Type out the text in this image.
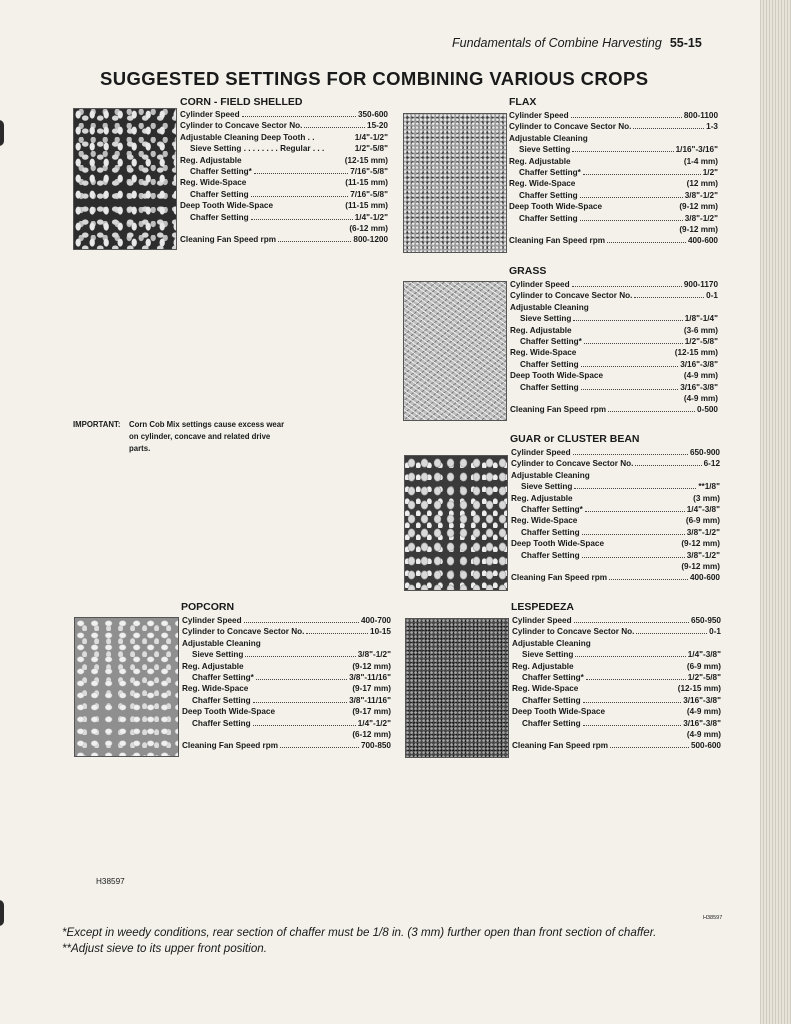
Fundamentals of Combine Harvesting 55-15
SUGGESTED SETTINGS FOR COMBINING VARIOUS CROPS
CORN - FIELD SHELLED
Cylinder Speed	350-600
Cylinder to Concave Sector No.	15-20
Adjustable Cleaning Deep Tooth . .	1/4"-1/2"
Sieve Setting . . . . . . . . Regular . . .	1/2"-5/8"
Reg. Adjustable	(12-15 mm)
Chaffer Setting*	7/16"-5/8"
Reg. Wide-Space	(11-15 mm)
Chaffer Setting	7/16"-5/8"
Deep Tooth Wide-Space	(11-15 mm)
Chaffer Setting	1/4"-1/2"
(6-12 mm)
Cleaning Fan Speed rpm	800-1200
FLAX
Cylinder Speed	800-1100
Cylinder to Concave Sector No.	1-3
Adjustable Cleaning
Sieve Setting	1/16"-3/16"
Reg. Adjustable	(1-4 mm)
Chaffer Setting*	1/2"
Reg. Wide-Space	(12 mm)
Chaffer Setting	3/8"-1/2"
Deep Tooth Wide-Space	(9-12 mm)
Chaffer Setting	3/8"-1/2"
(9-12 mm)
Cleaning Fan Speed rpm	400-600
GRASS
Cylinder Speed	900-1170
Cylinder to Concave Sector No.	0-1
Adjustable Cleaning
Sieve Setting	1/8"-1/4"
Reg. Adjustable	(3-6 mm)
Chaffer Setting*	1/2"-5/8"
Reg. Wide-Space	(12-15 mm)
Chaffer Setting	3/16"-3/8"
Deep Tooth Wide-Space	(4-9 mm)
Chaffer Setting	3/16"-3/8"
(4-9 mm)
Cleaning Fan Speed rpm	0-500
GUAR or CLUSTER BEAN
Cylinder Speed	650-900
Cylinder to Concave Sector No.	6-12
Adjustable Cleaning
Sieve Setting	**1/8"
Reg. Adjustable	(3 mm)
Chaffer Setting*	1/4"-3/8"
Reg. Wide-Space	(6-9 mm)
Chaffer Setting	3/8"-1/2"
Deep Tooth Wide-Space	(9-12 mm)
Chaffer Setting	3/8"-1/2"
(9-12 mm)
Cleaning Fan Speed rpm	400-600
IMPORTANT: Corn Cob Mix settings cause excess wear on cylinder, concave and related drive parts.
POPCORN
Cylinder Speed	400-700
Cylinder to Concave Sector No.	10-15
Adjustable Cleaning
Sieve Setting	3/8"-1/2"
Reg. Adjustable	(9-12 mm)
Chaffer Setting*	3/8"-11/16"
Reg. Wide-Space	(9-17 mm)
Chaffer Setting	3/8"-11/16"
Deep Tooth Wide-Space	(9-17 mm)
Chaffer Setting	1/4"-1/2"
(6-12 mm)
Cleaning Fan Speed rpm	700-850
LESPEDEZA
Cylinder Speed	650-950
Cylinder to Concave Sector No.	0-1
Adjustable Cleaning
Sieve Setting	1/4"-3/8"
Reg. Adjustable	(6-9 mm)
Chaffer Setting*	1/2"-5/8"
Reg. Wide-Space	(12-15 mm)
Chaffer Setting	3/16"-3/8"
Deep Tooth Wide-Space	(4-9 mm)
Chaffer Setting	3/16"-3/8"
(4-9 mm)
Cleaning Fan Speed rpm	500-600
H38597
H38597
*Except in weedy conditions, rear section of chaffer must be 1/8 in. (3 mm) further open than front section of chaffer.
**Adjust sieve to its upper front position.
